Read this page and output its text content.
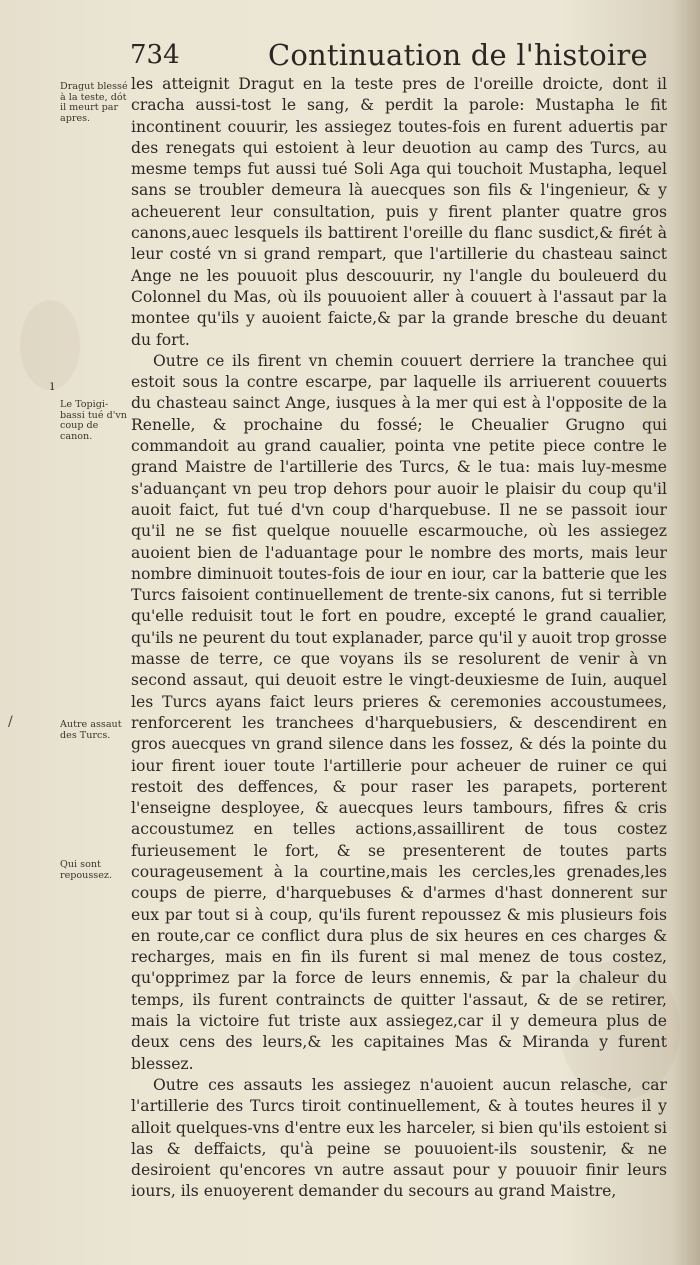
734	Continuation de l'histoire
Dragut blessé à la teste, dót il meurt par apres.
Le Topigi-bassi tué d'vn coup de canon.
Autre assaut des Turcs.
Qui sont repoussez.
ı
/

les atteignit Dragut en la teste pres de l'oreille droicte, dont il cracha aussi-tost le sang, & perdit la parole: Mustapha le fit incontinent couurir, les assiegez toutes-fois en furent aduertis par des renegats qui estoient à leur deuotion au camp des Turcs, au mesme temps fut aussi tué Soli Aga qui touchoit Mustapha, lequel sans se troubler demeura là auecques son fils & l'ingenieur, & y acheuerent leur consultation, puis y firent planter quatre gros canons,auec lesquels ils battirent l'oreille du flanc susdict,& firét à leur costé vn si grand rempart, que l'artillerie du chasteau sainct Ange ne les pouuoit plus descouurir, ny l'angle du bouleuerd du Colonnel du Mas, où ils pouuoient aller à couuert à l'assaut par la montee qu'ils y auoient faicte,& par la grande bresche du deuant du fort.

Outre ce ils firent vn chemin couuert derriere la tranchee qui estoit sous la contre escarpe, par laquelle ils arriuerent couuerts du chasteau sainct Ange, iusques à la mer qui est à l'opposite de la Renelle, & prochaine du fossé; le Cheualier Grugno qui commandoit au grand caualier, pointa vne petite piece contre le grand Maistre de l'artillerie des Turcs, & le tua: mais luy-mesme s'aduançant vn peu trop dehors pour auoir le plaisir du coup qu'il auoit faict, fut tué d'vn coup d'harquebuse. Il ne se passoit iour qu'il ne se fist quelque nouuelle escarmouche, où les assiegez auoient bien de l'aduantage pour le nombre des morts, mais leur nombre diminuoit toutes-fois de iour en iour, car la batterie que les Turcs faisoient continuellement de trente-six canons, fut si terrible qu'elle reduisit tout le fort en poudre, excepté le grand caualier, qu'ils ne peurent du tout explanader, parce qu'il y auoit trop grosse masse de terre, ce que voyans ils se resolurent de venir à vn second assaut, qui deuoit estre le vingt-deuxiesme de Iuin, auquel les Turcs ayans faict leurs prieres & ceremonies accoustumees, renforcerent les tranchees d'harquebusiers, & descendirent en gros auecques vn grand silence dans les fossez, & dés la pointe du iour firent iouer toute l'artillerie pour acheuer de ruiner ce qui restoit des deffences, & pour raser les parapets, porterent l'enseigne desployee, & auecques leurs tambours, fifres & cris accoustumez en telles actions,assaillirent de tous costez furieusement le fort, & se presenterent de toutes parts courageusement à la courtine,mais les cercles,les grenades,les coups de pierre, d'harquebuses & d'armes d'hast donnerent sur eux par tout si à coup, qu'ils furent repoussez & mis plusieurs fois en route,car ce conflict dura plus de six heures en ces charges & recharges, mais en fin ils furent si mal menez de tous costez, qu'opprimez par la force de leurs ennemis, & par la chaleur du temps, ils furent contraincts de quitter l'assaut, & de se retirer, mais la victoire fut triste aux assiegez,car il y demeura plus de deux cens des leurs,& les capitaines Mas & Miranda y furent blessez.

Outre ces assauts les assiegez n'auoient aucun relasche, car l'artillerie des Turcs tiroit continuellement, & à toutes heures il y alloit quelques-vns d'entre eux les harceler, si bien qu'ils estoient si las & deffaicts, qu'à peine se pouuoient-ils soustenir, & ne desiroient qu'encores vn autre assaut pour y pouuoir finir leurs iours, ils enuoyerent demander du secours au grand Maistre,
